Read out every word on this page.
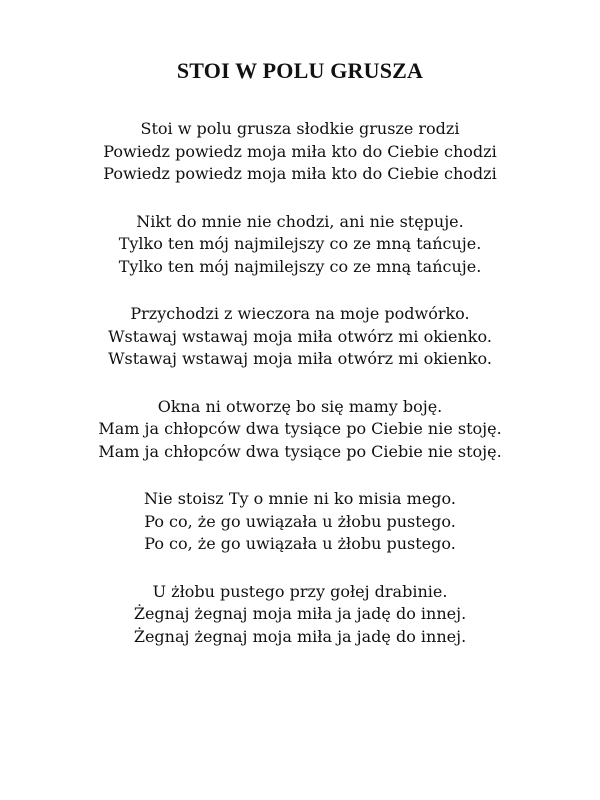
STOI W POLU GRUSZA
Stoi w polu grusza słodkie grusze rodzi
Powiedz powiedz moja miła kto do Ciebie chodzi
Powiedz powiedz moja miła kto do Ciebie chodzi
Nikt do mnie nie chodzi, ani nie stępuje.
Tylko ten mój najmilejszy co ze mną tańcuje.
Tylko ten mój najmilejszy co ze mną tańcuje.
Przychodzi z wieczora na moje podwórko.
Wstawaj wstawaj moja miła otwórz mi okienko.
Wstawaj wstawaj moja miła otwórz mi okienko.
Okna ni otworzę bo się mamy boję.
Mam ja chłopców dwa tysiące po Ciebie nie stoję.
Mam ja chłopców dwa tysiące po Ciebie nie stoję.
Nie stoisz Ty o mnie ni ko misia mego.
Po co, że go uwiązała u żłobu pustego.
Po co, że go uwiązała u żłobu pustego.
U żłobu pustego przy gołej drabinie.
Żegnaj żegnaj moja miła ja jadę do innej.
Żegnaj żegnaj moja miła ja jadę do innej.
